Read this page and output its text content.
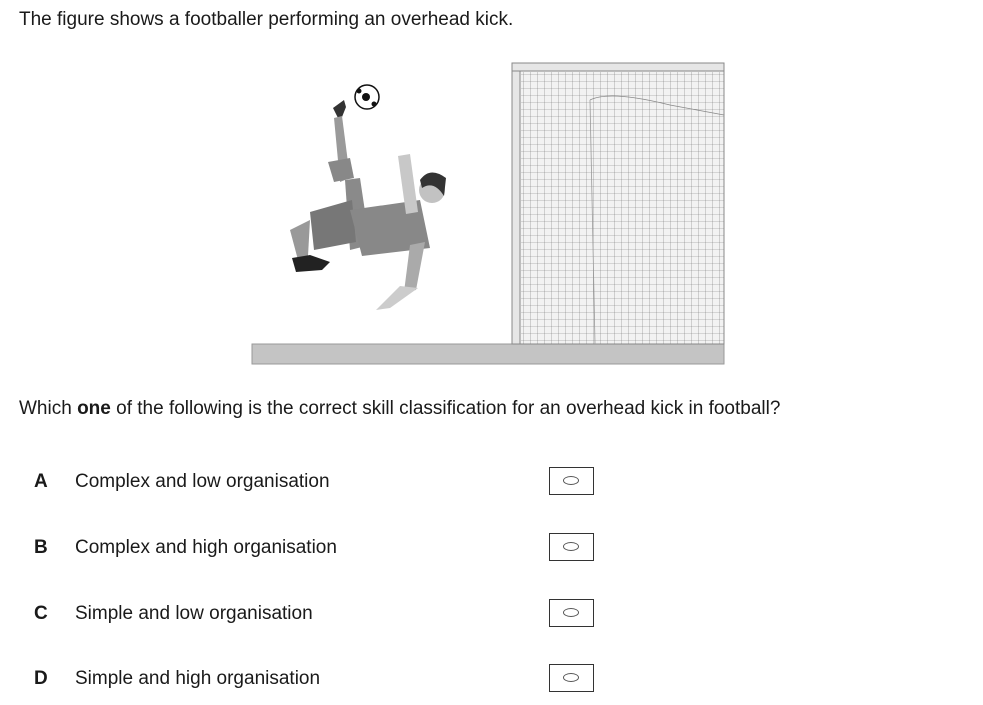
The figure shows a footballer performing an overhead kick.
Which one of the following is the correct skill classification for an overhead kick in football?
A Complex and low organisation
B Complex and high organisation
C Simple and low organisation
D Simple and high organisation
